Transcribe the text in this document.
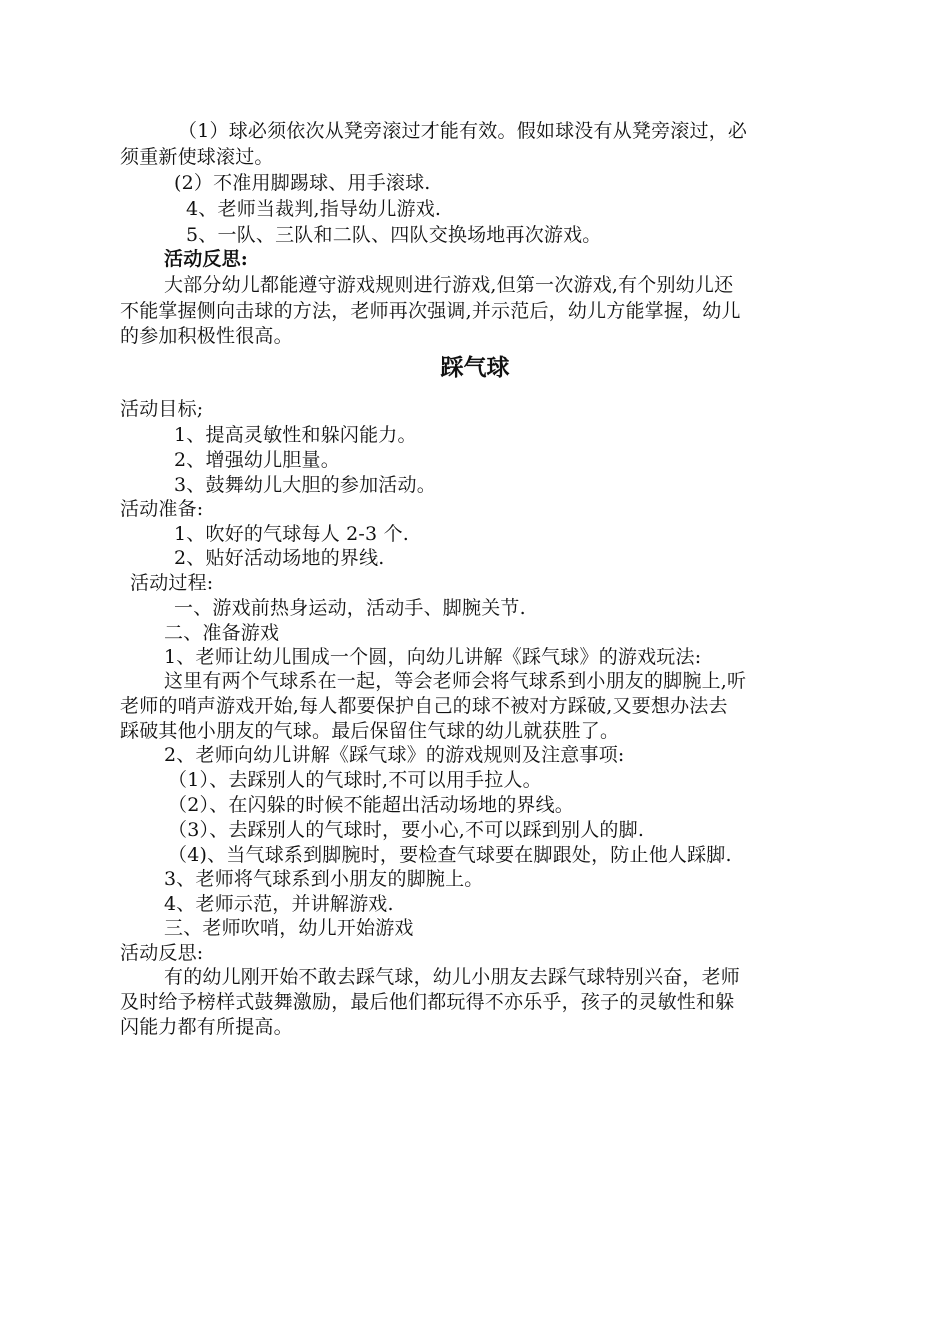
（1）球必须依次从凳旁滚过才能有效。假如球没有从凳旁滚过，必
须重新使球滚过。
(2）不准用脚踢球、用手滚球.
4、老师当裁判,指导幼儿游戏.
5、一队、三队和二队、四队交换场地再次游戏。
活动反思:
大部分幼儿都能遵守游戏规则进行游戏,但第一次游戏,有个别幼儿还
不能掌握侧向击球的方法，老师再次强调,并示范后，幼儿方能掌握，幼儿
的参加积极性很高。
踩气球
活动目标;
1、提高灵敏性和躲闪能力。
2、增强幼儿胆量。
3、鼓舞幼儿大胆的参加活动。
活动准备:
1、吹好的气球每人 2-3 个.
2、贴好活动场地的界线.
活动过程:
一、游戏前热身运动，活动手、脚腕关节.
二、准备游戏
1、老师让幼儿围成一个圆，向幼儿讲解《踩气球》的游戏玩法:
这里有两个气球系在一起，等会老师会将气球系到小朋友的脚腕上,听
老师的哨声游戏开始,每人都要保护自己的球不被对方踩破,又要想办法去
踩破其他小朋友的气球。最后保留住气球的幼儿就获胜了。
2、老师向幼儿讲解《踩气球》的游戏规则及注意事项:
（1）、去踩别人的气球时,不可以用手拉人。
（2）、在闪躲的时候不能超出活动场地的界线。
（3）、去踩别人的气球时，要小心,不可以踩到别人的脚.
（4)、当气球系到脚腕时，要检查气球要在脚跟处，防止他人踩脚.
3、老师将气球系到小朋友的脚腕上。
4、老师示范，并讲解游戏.
三、老师吹哨，幼儿开始游戏
活动反思:
有的幼儿刚开始不敢去踩气球，幼儿小朋友去踩气球特别兴奋，老师
及时给予榜样式鼓舞激励，最后他们都玩得不亦乐乎，孩子的灵敏性和躲
闪能力都有所提高。
